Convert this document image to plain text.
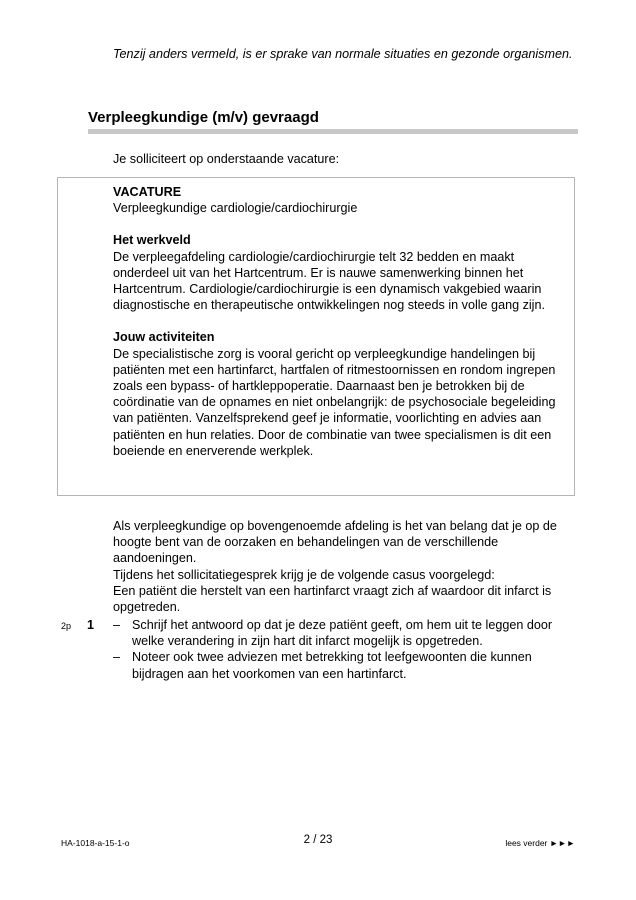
Tenzij anders vermeld, is er sprake van normale situaties en gezonde organismen.
Verpleegkundige (m/v) gevraagd
Je solliciteert op onderstaande vacature:

VACATURE

Verpleegkundige cardiologie/cardiochirurgie

Het werkveld

De verpleegafdeling cardiologie/cardiochirurgie telt 32 bedden en maakt onderdeel uit van het Hartcentrum. Er is nauwe samenwerking binnen het Hartcentrum. Cardiologie/cardiochirurgie is een dynamisch vakgebied waarin diagnostische en therapeutische ontwikkelingen nog steeds in volle gang zijn.

Jouw activiteiten

De specialistische zorg is vooral gericht op verpleegkundige handelingen bij patiënten met een hartinfarct, hartfalen of ritmestoornissen en rondom ingrepen zoals een bypass- of hartkleppoperatie. Daarnaast ben je betrokken bij de coördinatie van de opnames en niet onbelangrijk: de psychosociale begeleiding van patiënten. Vanzelfsprekend geef je informatie, voorlichting en advies aan patiënten en hun relaties. Door de combinatie van twee specialismen is dit een boeiende en enerverende werkplek.

Als verpleegkundige op bovengenoemde afdeling is het van belang dat je op de hoogte bent van de oorzaken en behandelingen van de verschillende aandoeningen.

Tijdens het sollicitatiegesprek krijg je de volgende casus voorgelegd:

Een patiënt die herstelt van een hartinfarct vraagt zich af waardoor dit infarct is opgetreden.

2p 1 – Schrijf het antwoord op dat je deze patiënt geeft, om hem uit te leggen door welke verandering in zijn hart dit infarct mogelijk is opgetreden.
– Noteer ook twee adviezen met betrekking tot leefgewoonten die kunnen bijdragen aan het voorkomen van een hartinfarct.
HA-1018-a-15-1-o	2 / 23	lees verder ►►►
